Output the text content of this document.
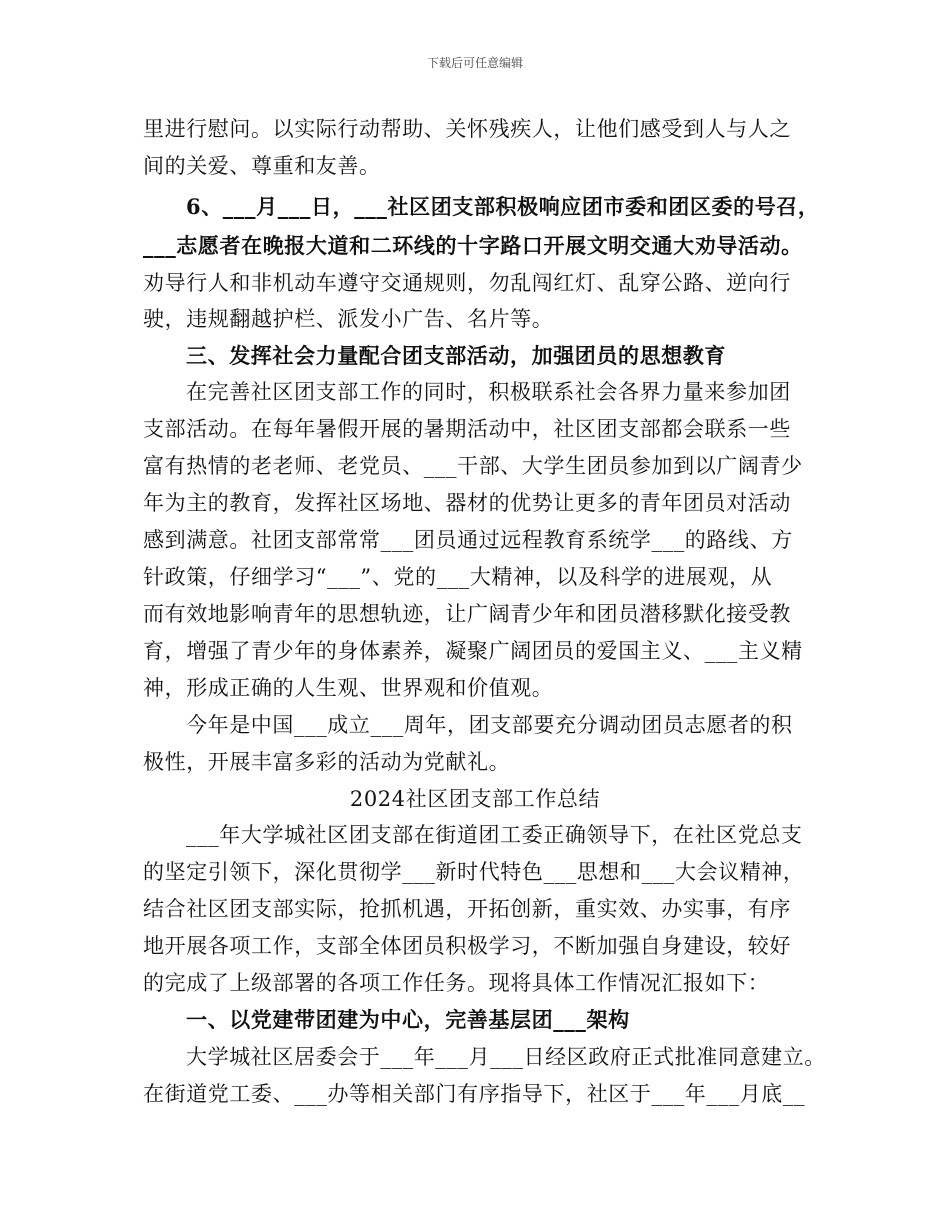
下载后可任意编辑
里进行慰问。以实际行动帮助、关怀残疾人，让他们感受到人与人之
间的关爱、尊重和友善。
6、___月___日，___社区团支部积极响应团市委和团区委的号召，
___志愿者在晚报大道和二环线的十字路口开展文明交通大劝导活动。
劝导行人和非机动车遵守交通规则，勿乱闯红灯、乱穿公路、逆向行
驶，违规翻越护栏、派发小广告、名片等。
三、发挥社会力量配合团支部活动，加强团员的思想教育
在完善社区团支部工作的同时，积极联系社会各界力量来参加团
支部活动。在每年暑假开展的暑期活动中，社区团支部都会联系一些
富有热情的老老师、老党员、___干部、大学生团员参加到以广阔青少
年为主的教育，发挥社区场地、器材的优势让更多的青年团员对活动
感到满意。社团支部常常___团员通过远程教育系统学___的路线、方
针政策，仔细学习“___”、党的___大精神，以及科学的进展观，从
而有效地影响青年的思想轨迹，让广阔青少年和团员潜移默化接受教
育，增强了青少年的身体素养，凝聚广阔团员的爱国主义、___主义精
神，形成正确的人生观、世界观和价值观。
今年是中国___成立___周年，团支部要充分调动团员志愿者的积
极性，开展丰富多彩的活动为党献礼。
2024社区团支部工作总结
___年大学城社区团支部在街道团工委正确领导下，在社区党总支
的坚定引领下，深化贯彻学___新时代特色___思想和___大会议精神，
结合社区团支部实际，抢抓机遇，开拓创新，重实效、办实事，有序
地开展各项工作，支部全体团员积极学习，不断加强自身建设，较好
的完成了上级部署的各项工作任务。现将具体工作情况汇报如下：
一、以党建带团建为中心，完善基层团___架构
大学城社区居委会于___年___月___日经区政府正式批准同意建立。
在街道党工委、___办等相关部门有序指导下，社区于___年___月底__
